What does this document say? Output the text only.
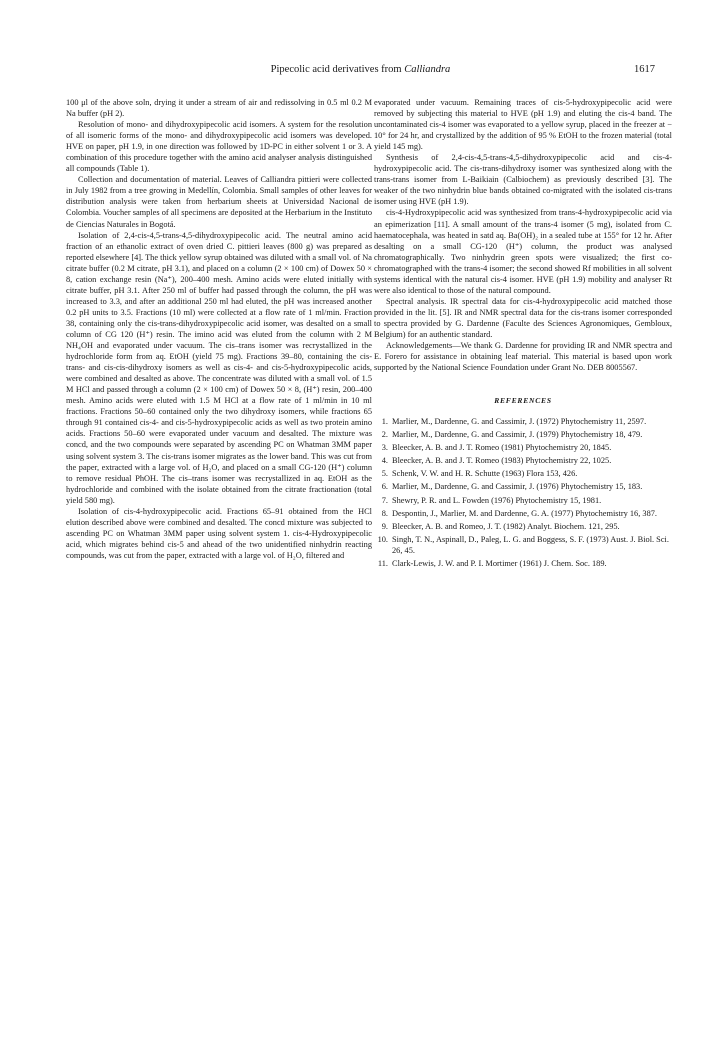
Pipecolic acid derivatives from Calliandra	1617

100 μl of the above soln, drying it under a stream of air and redissolving in 0.5 ml 0.2 M Na buffer (pH 2).

Resolution of mono- and dihydroxypipecolic acid isomers. A system for the resolution of all isomeric forms of the mono- and dihydroxypipecolic acid isomers was developed. HVE on paper, pH 1.9, in one direction was followed by 1D-PC in either solvent 1 or 3. A combination of this procedure together with the amino acid analyser analysis distinguished all compounds (Table 1).

Collection and documentation of material. Leaves of Calliandra pittieri were collected in July 1982 from a tree growing in Medellín, Colombia. Small samples of other leaves for distribution analysis were taken from herbarium sheets at Universidad Nacional de Colombia. Voucher samples of all specimens are deposited at the Herbarium in the Instituto de Ciencias Naturales in Bogotá.

Isolation of 2,4-cis-4,5-trans-4,5-dihydroxypipecolic acid. The neutral amino acid fraction of an ethanolic extract of oven dried C. pittieri leaves (800 g) was prepared as reported elsewhere [4]. The thick yellow syrup obtained was diluted with a small vol. of Na citrate buffer (0.2 M citrate, pH 3.1), and placed on a column (2 × 100 cm) of Dowex 50 × 8, cation exchange resin (Na⁺), 200–400 mesh. Amino acids were eluted initially with citrate buffer, pH 3.1. After 250 ml of buffer had passed through the column, the pH was increased to 3.3, and after an additional 250 ml had eluted, the pH was increased another 0.2 pH units to 3.5. Fractions (10 ml) were collected at a flow rate of 1 ml/min. Fraction 38, containing only the cis-trans-dihydroxypipecolic acid isomer, was desalted on a small column of CG 120 (H⁺) resin. The imino acid was eluted from the column with 2 M NH₄OH and evaporated under vacuum. The cis–trans isomer was recrystallized in the hydrochloride form from aq. EtOH (yield 75 mg). Fractions 39–80, containing the cis-trans- and cis-cis-dihydroxy isomers as well as cis-4- and cis-5-hydroxypipecolic acids, were combined and desalted as above. The concentrate was diluted with a small vol. of 1.5 M HCl and passed through a column (2 × 100 cm) of Dowex 50 × 8, (H⁺) resin, 200–400 mesh. Amino acids were eluted with 1.5 M HCl at a flow rate of 1 ml/min in 10 ml fractions. Fractions 50–60 contained only the two dihydroxy isomers, while fractions 65 through 91 contained cis-4- and cis-5-hydroxypipecolic acids as well as two protein amino acids. Fractions 50–60 were evaporated under vacuum and desalted. The mixture was concd, and the two compounds were separated by ascending PC on Whatman 3MM paper using solvent system 3. The cis-trans isomer migrates as the lower band. This was cut from the paper, extracted with a large vol. of H₂O, and placed on a small CG-120 (H⁺) column to remove residual PhOH. The cis–trans isomer was recrystallized in aq. EtOH as the hydrochloride and combined with the isolate obtained from the citrate fractionation (total yield 580 mg).

Isolation of cis-4-hydroxypipecolic acid. Fractions 65–91 obtained from the HCl elution described above were combined and desalted. The concd mixture was subjected to ascending PC on Whatman 3MM paper using solvent system 1. cis-4-Hydroxypipecolic acid, which migrates behind cis-5 and ahead of the two unidentified ninhydrin reacting compounds, was cut from the paper, extracted with a large vol. of H₂O, filtered and

evaporated under vacuum. Remaining traces of cis-5-hydroxypipecolic acid were removed by subjecting this material to HVE (pH 1.9) and eluting the cis-4 band. The uncontaminated cis-4 isomer was evaporated to a yellow syrup, placed in the freezer at − 10° for 24 hr, and crystallized by the addition of 95 % EtOH to the frozen material (total yield 145 mg).

Synthesis of 2,4-cis-4,5-trans-4,5-dihydroxypipecolic acid and cis-4-hydroxypipecolic acid. The cis-trans-dihydroxy isomer was synthesized along with the trans-trans isomer from L-Baikiain (Calbiochem) as previously described [3]. The weaker of the two ninhydrin blue bands obtained co-migrated with the isolated cis-trans isomer using HVE (pH 1.9).

cis-4-Hydroxypipecolic acid was synthesized from trans-4-hydroxypipecolic acid via an epimerization [11]. A small amount of the trans-4 isomer (5 mg), isolated from C. haematocephala, was heated in satd aq. Ba(OH)₂ in a sealed tube at 155° for 12 hr. After desalting on a small CG-120 (H⁺) column, the product was analysed chromatographically. Two ninhydrin green spots were visualized; the first co-chromatographed with the trans-4 isomer; the second showed Rf mobilities in all solvent systems identical with the natural cis-4 isomer. HVE (pH 1.9) mobility and analyser Rt were also identical to those of the natural compound.

Spectral analysis. IR spectral data for cis-4-hydroxypipecolic acid matched those provided in the lit. [5]. IR and NMR spectral data for the cis-trans isomer corresponded to spectra provided by G. Dardenne (Faculte des Sciences Agronomiques, Gembloux, Belgium) for an authentic standard.

Acknowledgements—We thank G. Dardenne for providing IR and NMR spectra and E. Forero for assistance in obtaining leaf material. This material is based upon work supported by the National Science Foundation under Grant No. DEB 8005567.

REFERENCES
1. Marlier, M., Dardenne, G. and Cassimir, J. (1972) Phytochemistry 11, 2597.
2. Marlier, M., Dardenne, G. and Cassimir, J. (1979) Phytochemistry 18, 479.
3. Bleecker, A. B. and J. T. Romeo (1981) Phytochemistry 20, 1845.
4. Bleecker, A. B. and J. T. Romeo (1983) Phytochemistry 22, 1025.
5. Schenk, V. W. and H. R. Schutte (1963) Flora 153, 426.
6. Marlier, M., Dardenne, G. and Cassimir, J. (1976) Phytochemistry 15, 183.
7. Shewry, P. R. and L. Fowden (1976) Phytochemistry 15, 1981.
8. Despontin, J., Marlier, M. and Dardenne, G. A. (1977) Phytochemistry 16, 387.
9. Bleecker, A. B. and Romeo, J. T. (1982) Analyt. Biochem. 121, 295.
10. Singh, T. N., Aspinall, D., Paleg, L. G. and Boggess, S. F. (1973) Aust. J. Biol. Sci. 26, 45.
11. Clark-Lewis, J. W. and P. I. Mortimer (1961) J. Chem. Soc. 189.
